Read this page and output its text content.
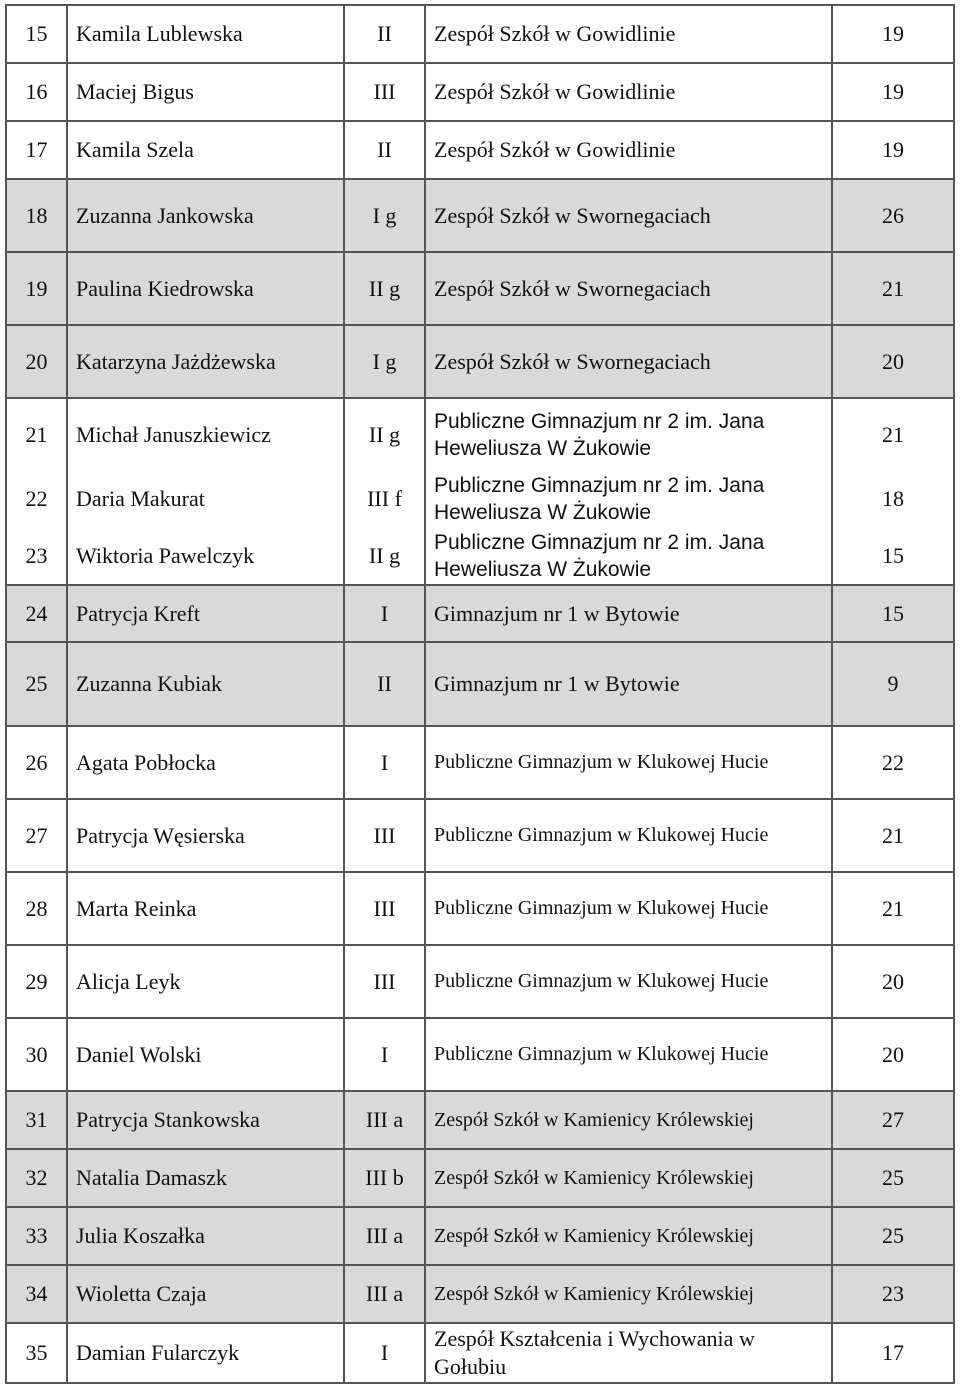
15	Kamila Lublewska	II	Zespół Szkół w Gowidlinie	19
16	Maciej Bigus	III	Zespół Szkół w Gowidlinie	19
17	Kamila Szela	II	Zespół Szkół w Gowidlinie	19
18	Zuzanna Jankowska	I g	Zespół Szkół w Swornegaciach	26
19	Paulina Kiedrowska	II g	Zespół Szkół w Swornegaciach	21
20	Katarzyna Jażdżewska	I g	Zespół Szkół w Swornegaciach	20
21	Michał Januszkiewicz	II g	Publiczne Gimnazjum nr 2 im. Jana Heweliusza W Żukowie	21
22	Daria Makurat	III f	Publiczne Gimnazjum nr 2 im. Jana Heweliusza W Żukowie	18
23	Wiktoria Pawelczyk	II g	Publiczne Gimnazjum nr 2 im. Jana Heweliusza W Żukowie	15
24	Patrycja Kreft	I	Gimnazjum nr 1 w Bytowie	15
25	Zuzanna Kubiak	II	Gimnazjum nr 1 w Bytowie	9
26	Agata Pobłocka	I	Publiczne Gimnazjum w Klukowej Hucie	22
27	Patrycja Węsierska	III	Publiczne Gimnazjum w Klukowej Hucie	21
28	Marta Reinka	III	Publiczne Gimnazjum w Klukowej Hucie	21
29	Alicja Leyk	III	Publiczne Gimnazjum w Klukowej Hucie	20
30	Daniel Wolski	I	Publiczne Gimnazjum w Klukowej Hucie	20
31	Patrycja Stankowska	III a	Zespół Szkół w Kamienicy Królewskiej	27
32	Natalia Damaszk	III b	Zespół Szkół w Kamienicy Królewskiej	25
33	Julia Koszałka	III a	Zespół Szkół w Kamienicy Królewskiej	25
34	Wioletta Czaja	III a	Zespół Szkół w Kamienicy Królewskiej	23
35	Damian Fularczyk	I	Zespół Kształcenia i Wychowania w Gołubiu	17
